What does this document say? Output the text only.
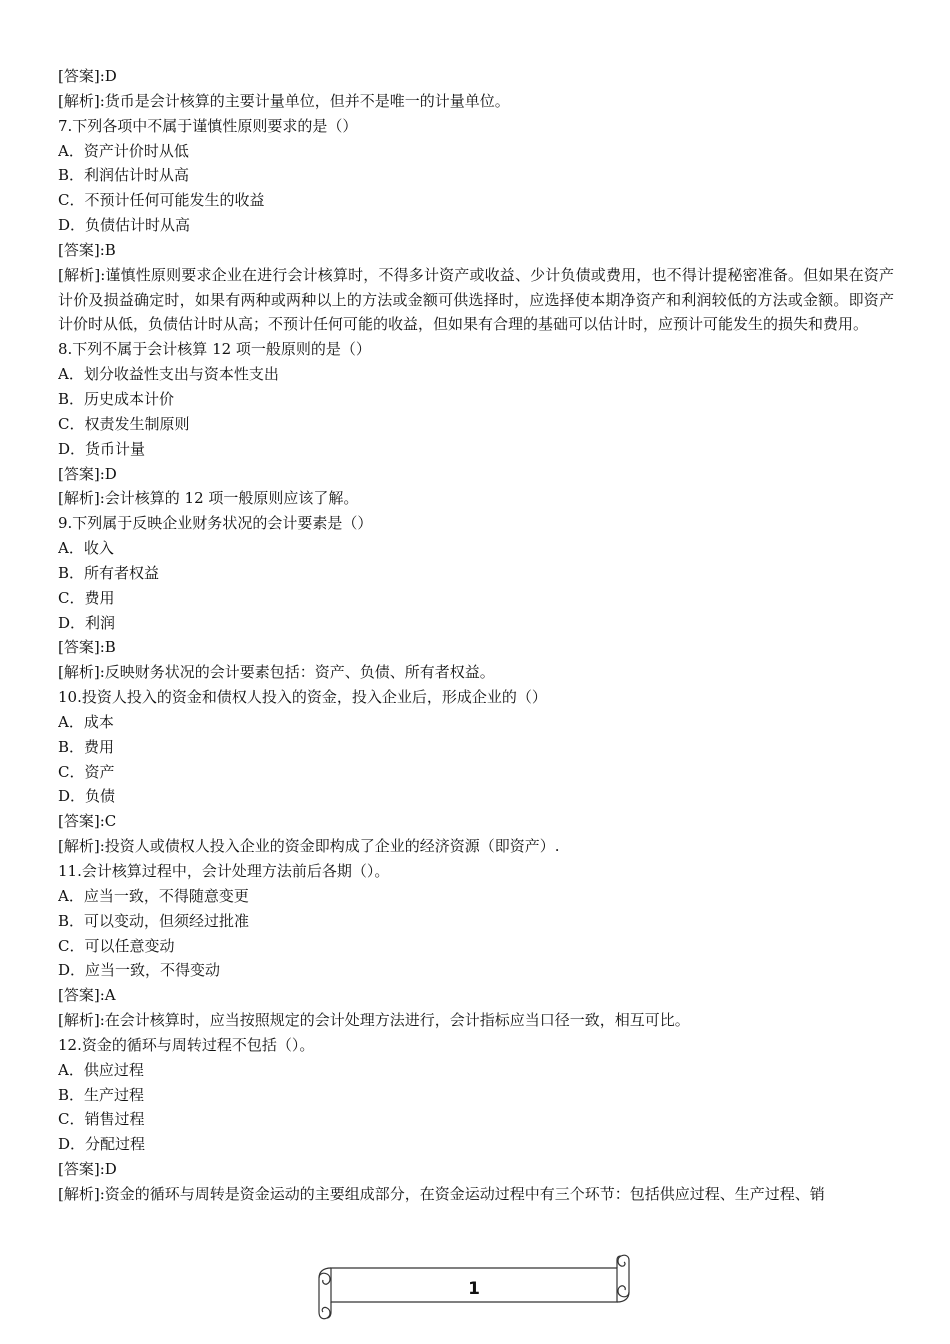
[答案]:D
[解析]:货币是会计核算的主要计量单位，但并不是唯一的计量单位。
7.下列各项中不属于谨慎性原则要求的是（）
A．资产计价时从低
B．利润估计时从高
C．不预计任何可能发生的收益
D．负债估计时从高
[答案]:B
[解析]:谨慎性原则要求企业在进行会计核算时，不得多计资产或收益、少计负债或费用，也不得计提秘密准备。但如果在资产计价及损益确定时，如果有两种或两种以上的方法或金额可供选择时，应选择使本期净资产和利润较低的方法或金额。即资产计价时从低，负债估计时从高；不预计任何可能的收益，但如果有合理的基础可以估计时，应预计可能发生的损失和费用。
8.下列不属于会计核算 12 项一般原则的是（）
A．划分收益性支出与资本性支出
B．历史成本计价
C．权责发生制原则
D．货币计量
[答案]:D
[解析]:会计核算的 12 项一般原则应该了解。
9.下列属于反映企业财务状况的会计要素是（）
A．收入
B．所有者权益
C．费用
D．利润
[答案]:B
[解析]:反映财务状况的会计要素包括：资产、负债、所有者权益。
10.投资人投入的资金和债权人投入的资金，投入企业后，形成企业的（）
A．成本
B．费用
C．资产
D．负债
[答案]:C
[解析]:投资人或债权人投入企业的资金即构成了企业的经济资源（即资产）.
11.会计核算过程中，会计处理方法前后各期（）。
A．应当一致，不得随意变更
B．可以变动，但须经过批准
C．可以任意变动
D．应当一致，不得变动
[答案]:A
[解析]:在会计核算时，应当按照规定的会计处理方法进行，会计指标应当口径一致，相互可比。
12.资金的循环与周转过程不包括（）。
A．供应过程
B．生产过程
C．销售过程
D．分配过程
[答案]:D
[解析]:资金的循环与周转是资金运动的主要组成部分，在资金运动过程中有三个环节：包括供应过程、生产过程、销
1
